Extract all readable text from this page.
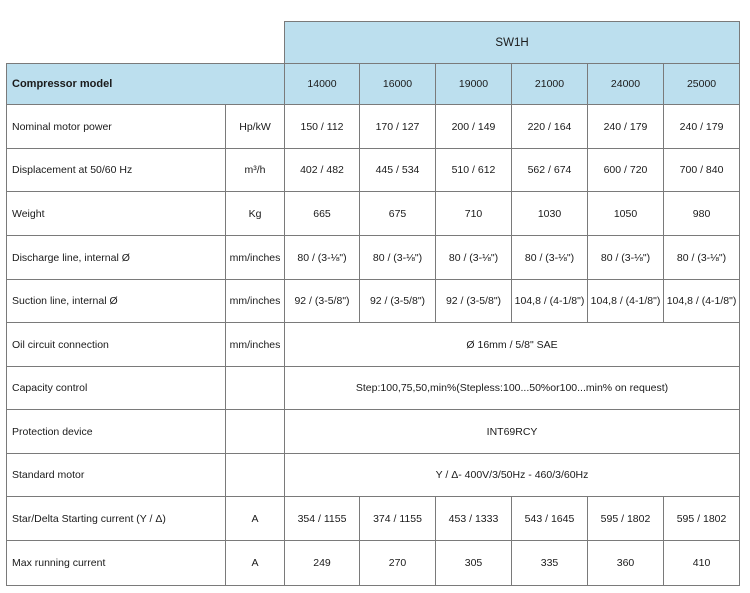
		SW1H					
Compressor model		14000	16000	19000	21000	24000	25000
Nominal motor power	Hp/kW	150 / 112	170 / 127	200 / 149	220 / 164	240 / 179	240 / 179
Displacement at 50/60 Hz	m³/h	402 / 482	445 / 534	510 / 612	562 / 674	600 / 720	700 / 840
Weight	Kg	665	675	710	1030	1050	980
Discharge line, internal Ø	mm/inches	80 / (3-⅛")	80 / (3-⅛")	80 / (3-⅛")	80 / (3-⅛")	80 / (3-⅛")	80 / (3-⅛")
Suction line, internal Ø	mm/inches	92 / (3-5/8")	92 / (3-5/8")	92 / (3-5/8")	104,8 / (4-1/8")	104,8 / (4-1/8")	104,8 / (4-1/8")
Oil circuit connection	mm/inches	Ø 16mm / 5/8" SAE					
Capacity control		Step:100,75,50,min%(Stepless:100...50%or100...min% on request)					
Protection device		INT69RCY					
Standard motor		Y / Δ- 400V/3/50Hz - 460/3/60Hz					
Star/Delta Starting current (Y / Δ)	A	354 / 1155	374 / 1155	453 / 1333	543 / 1645	595 / 1802	595 / 1802
Max running current	A	249	270	305	335	360	410
